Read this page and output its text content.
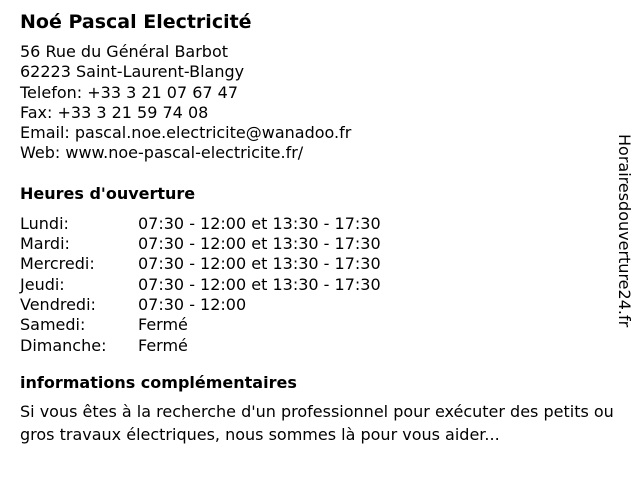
Noé Pascal Electricité
56 Rue du Général Barbot
62223 Saint-Laurent-Blangy
Telefon: +33 3 21 07 67 47
Fax: +33 3 21 59 74 08
Email: pascal.noe.electricite@wanadoo.fr
Web: www.noe-pascal-electricite.fr/
Heures d'ouverture
Lundi:	07:30 - 12:00 et 13:30 - 17:30
Mardi:	07:30 - 12:00 et 13:30 - 17:30
Mercredi:	07:30 - 12:00 et 13:30 - 17:30
Jeudi:	07:30 - 12:00 et 13:30 - 17:30
Vendredi:	07:30 - 12:00
Samedi:	Fermé
Dimanche:	Fermé
informations complémentaires
Si vous êtes à la recherche d'un professionnel pour exécuter des petits ou gros travaux électriques, nous sommes là pour vous aider...
Horairesdouverture24.fr
